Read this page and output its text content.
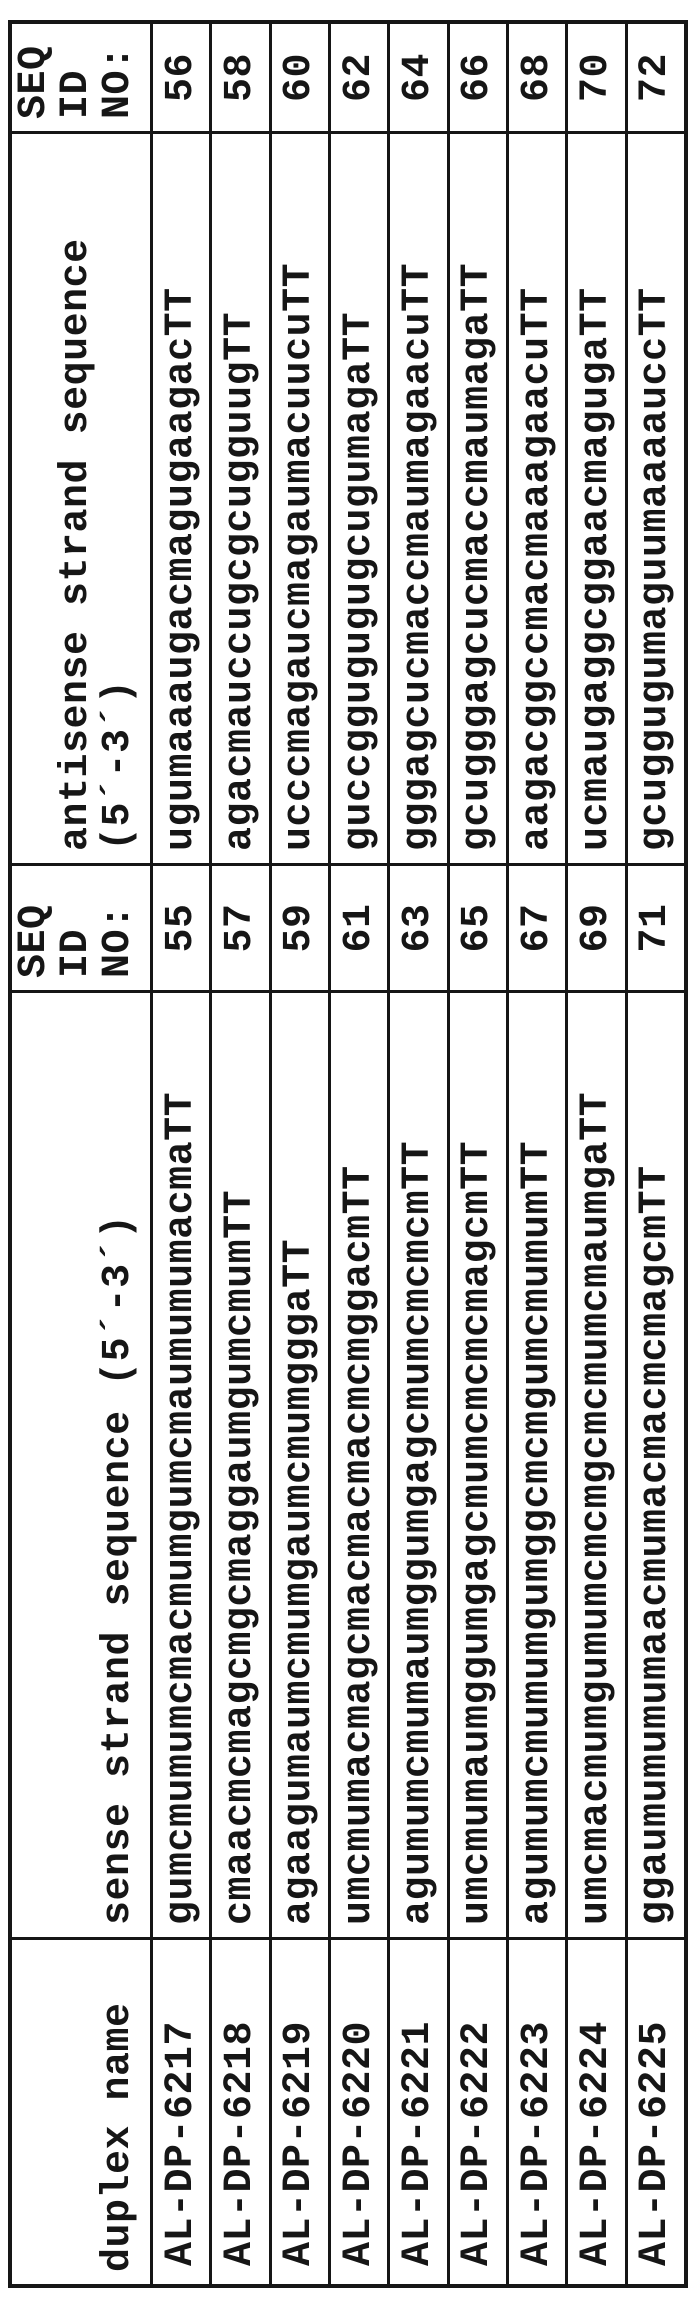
duplex name
sense strand sequence (5´-3´)
SEQ
ID
NO:
antisense strand sequence
(5´-3´)
SEQ
ID
NO:
AL-DP-6217
gumcmumumcmacmumgumcmaumumumacmaTT
55
ugumaaaugacmagugaagacTT
56
AL-DP-6218
cmaacmcmagcmgcmaggaumgumcmumTT
57
agacmauccugcgcugguugTT
58
AL-DP-6219
agaagumaumcmumgaumcmumgggaTT
59
ucccmagaucmagaumacuucuTT
60
AL-DP-6220
umcmumacmagcmacmacmacmcmggacmTT
61
guccggugugugcugumagaTT
62
AL-DP-6221
agumumcmumaumggumgagcmumcmcmcmTT
63
gggagcucmaccmaumagaacuTT
64
AL-DP-6222
umcmumaumggumgagcmumcmcmcmagcmTT
65
gcugggagcucmaccmaumagaTT
66
AL-DP-6223
agumumcmumumgumggcmcmgumcmumumTT
67
aagacggccmacmaaagaacuTT
68
AL-DP-6224
umcmacmumgumumcmcmgcmcmumcmaumgaTT
69
ucmaugaggcggaacmagugaTT
70
AL-DP-6225
ggaumumumumaacmumacmacmcmagcmTT
71
gcuggugumaguumaaaauccTT
72
